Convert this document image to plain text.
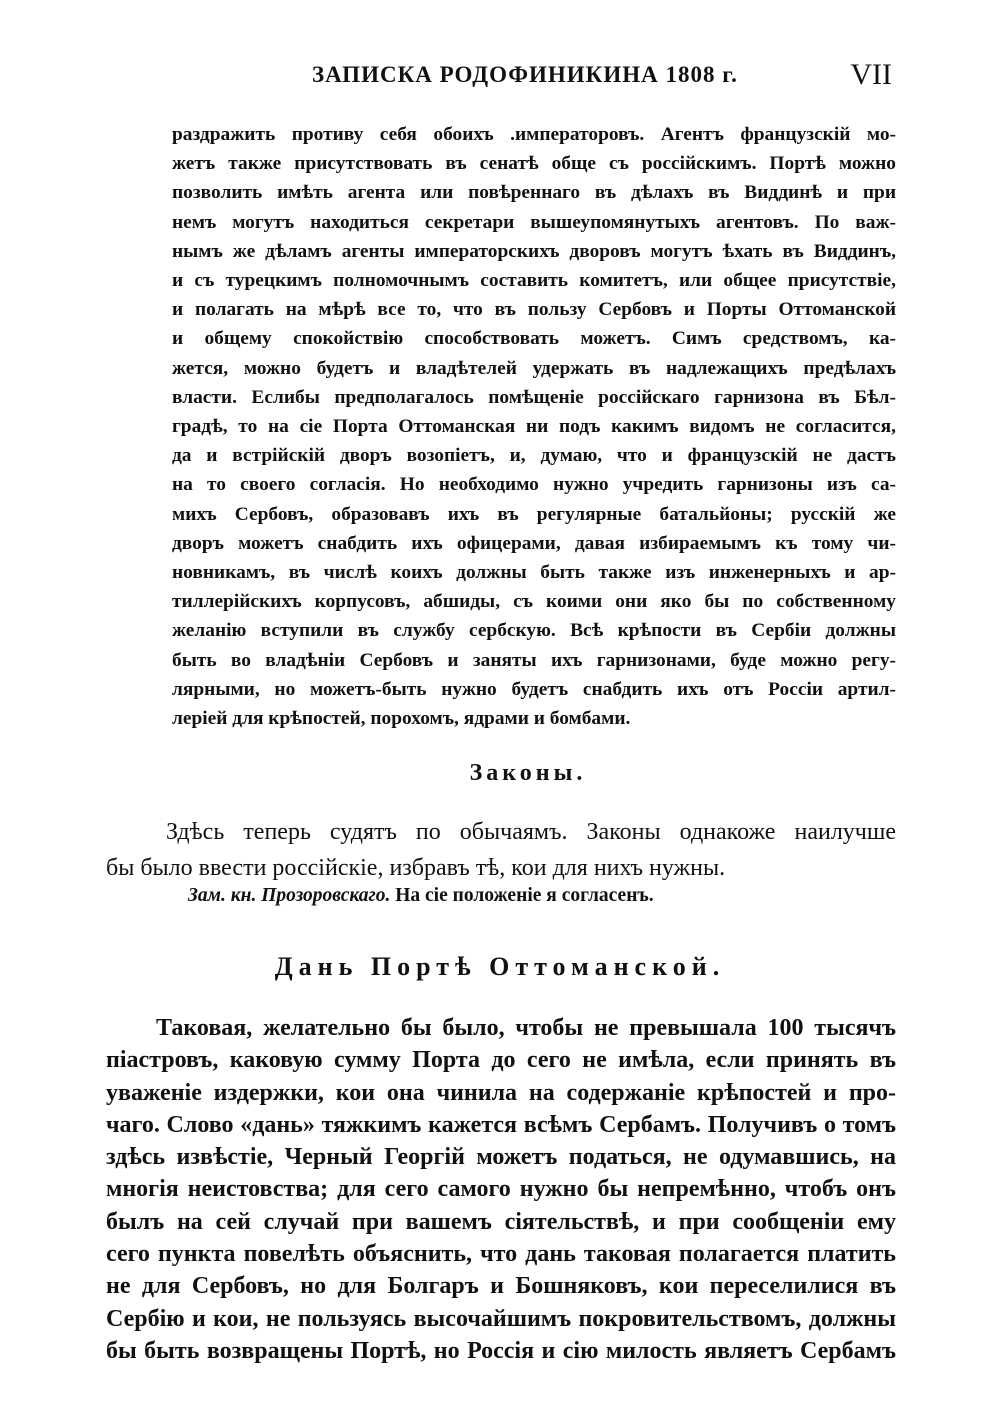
ЗАПИСКА РОДОФИНИКИНА 1808 г.	VII
раздражить противу себя обоихъ .императоровъ. Агентъ французскій мо-
жетъ также присутствовать въ сенатѣ обще съ россійскимъ. Портѣ можно
позволить имѣть агента или повѣреннаго въ дѣлахъ въ Виддинѣ и при
немъ могутъ находиться секретари вышеупомянутыхъ агентовъ. По важ-
нымъ же дѣламъ агенты императорскихъ дворовъ могутъ ѣхать въ Виддинъ,
и съ турецкимъ полномочнымъ составить комитетъ, или общее присутствіе,
и полагать на мѣрѣ все то, что въ пользу Сербовъ и Порты Оттоманской
и общему спокойствію способствовать можетъ. Симъ средствомъ, ка-
жется, можно будетъ и владѣтелей удержать въ надлежащихъ предѣлахъ
власти. Еслибы предполагалось помѣщеніе россійскаго гарнизона въ Бѣл-
градѣ, то на сіе Порта Оттоманская ни подъ какимъ видомъ не согласится,
да и встрійскій дворъ возопіетъ, и, думаю, что и французскій не дастъ
на то своего согласія. Но необходимо нужно учредить гарнизоны изъ са-
михъ Сербовъ, образовавъ ихъ въ регулярные батальйоны; русскій же
дворъ можетъ снабдить ихъ офицерами, давая избираемымъ къ тому чи-
новникамъ, въ числѣ коихъ должны быть также изъ инженерныхъ и ар-
тиллерійскихъ корпусовъ, абшиды, съ коими они яко бы по собственному
желанію вступили въ службу сербскую. Всѣ крѣпости въ Сербіи должны
быть во владѣніи Сербовъ и заняты ихъ гарнизонами, буде можно регу-
лярными, но можетъ-быть нужно будетъ снабдить ихъ отъ Россіи артил-
леріей для крѣпостей, порохомъ, ядрами и бомбами.
Законы.
Здѣсь теперь судятъ по обычаямъ. Законы однакоже наилучше
бы было ввести россійскіе, избравъ тѣ, кои для нихъ нужны.
Зам. кн. Прозоровскаго. На сіе положеніе я согласенъ.
Дань Портѣ Оттоманской.
Таковая, желательно бы было, чтобы не превышала 100 тысячъ
піастровъ, каковую сумму Порта до сего не имѣла, если принять въ
уваженіе издержки, кои она чинила на содержаніе крѣпостей и про-
чаго. Слово «дань» тяжкимъ кажется всѣмъ Сербамъ. Получивъ о томъ
здѣсь извѣстіе, Черный Георгій можетъ податься, не одумавшись, на
многія неистовства; для сего самого нужно бы непремѣнно, чтобъ онъ
былъ на сей случай при вашемъ сіятельствѣ, и при сообщеніи ему
сего пункта повелѣть объяснить, что дань таковая полагается платить
не для Сербовъ, но для Болгаръ и Бошняковъ, кои переселилися въ
Сербію и кои, не пользуясь высочайшимъ покровительствомъ, должны
бы быть возвращены Портѣ, но Россія и сію милость являетъ Сербамъ
